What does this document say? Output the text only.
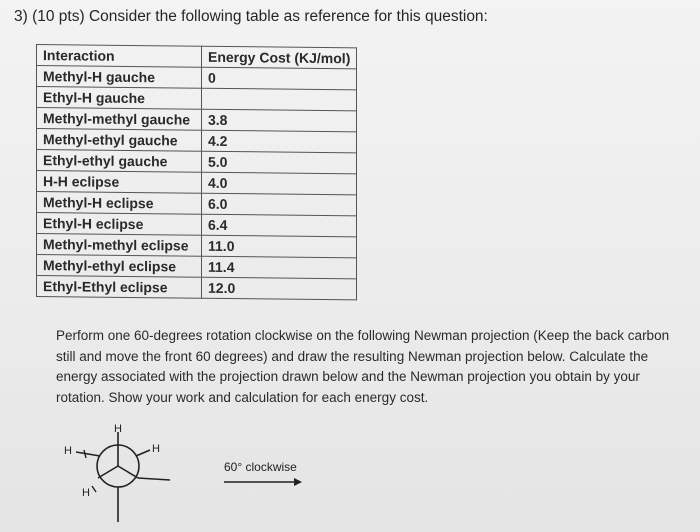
3) (10 pts) Consider the following table as reference for this question:
Interaction	Energy Cost (KJ/mol)
Methyl-H gauche	0
Ethyl-H gauche	
Methyl-methyl gauche	3.8
Methyl-ethyl gauche	4.2
Ethyl-ethyl gauche	5.0
H-H eclipse	4.0
Methyl-H eclipse	6.0
Ethyl-H eclipse	6.4
Methyl-methyl eclipse	11.0
Methyl-ethyl eclipse	11.4
Ethyl-Ethyl eclipse	12.0
Perform one 60-degrees rotation clockwise on the following Newman projection (Keep the back carbon still and move the front 60 degrees) and draw the resulting Newman projection below. Calculate the energy associated with the projection drawn below and the Newman projection you obtain by your rotation. Show your work and calculation for each energy cost.
H
H	H
H
60° clockwise
